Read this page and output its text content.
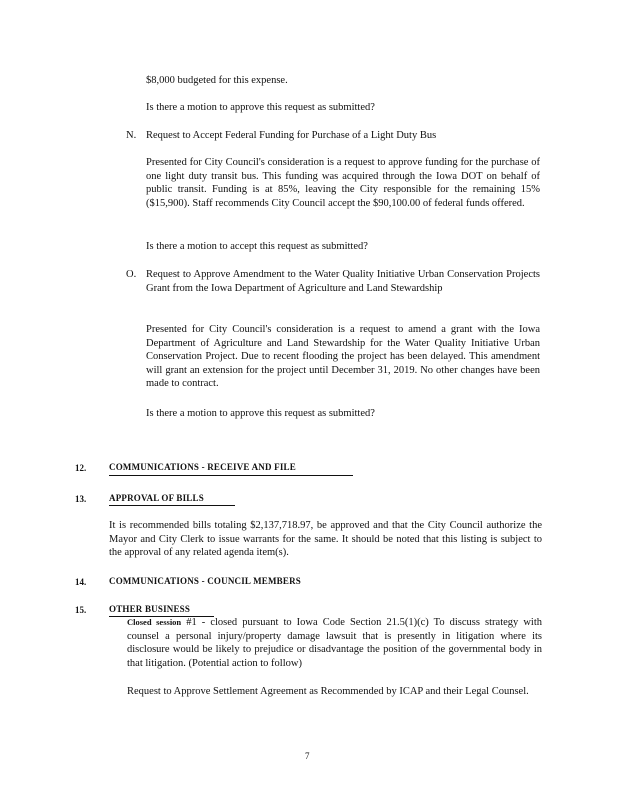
$8,000 budgeted for this expense.

Is there a motion to approve this request as submitted?

N. Request to Accept Federal Funding for Purchase of a Light Duty Bus

Presented for City Council's consideration is a request to approve funding for the purchase of one light duty transit bus. This funding was acquired through the Iowa DOT on behalf of public transit. Funding is at 85%, leaving the City responsible for the remaining 15% ($15,900). Staff recommends City Council accept the $90,100.00 of federal funds offered.

Is there a motion to accept this request as submitted?

O. Request to Approve Amendment to the Water Quality Initiative Urban Conservation Projects Grant from the Iowa Department of Agriculture and Land Stewardship

Presented for City Council's consideration is a request to amend a grant with the Iowa Department of Agriculture and Land Stewardship for the Water Quality Initiative Urban Conservation Project. Due to recent flooding the project has been delayed. This amendment will grant an extension for the project until December 31, 2019. No other changes have been made to contract.

Is there a motion to approve this request as submitted?

12.	COMMUNICATIONS - RECEIVE AND FILE
13.	APPROVAL OF BILLS

It is recommended bills totaling $2,137,718.97, be approved and that the City Council authorize the Mayor and City Clerk to issue warrants for the same. It should be noted that this listing is subject to the approval of any related agenda item(s).

14.	COMMUNICATIONS - COUNCIL MEMBERS
15.	OTHER BUSINESS

Closed session #1 - closed pursuant to Iowa Code Section 21.5(1)(c) To discuss strategy with counsel a personal injury/property damage lawsuit that is presently in litigation where its disclosure would be likely to prejudice or disadvantage the position of the governmental body in that litigation. (Potential action to follow)

Request to Approve Settlement Agreement as Recommended by ICAP and their Legal Counsel.

7
